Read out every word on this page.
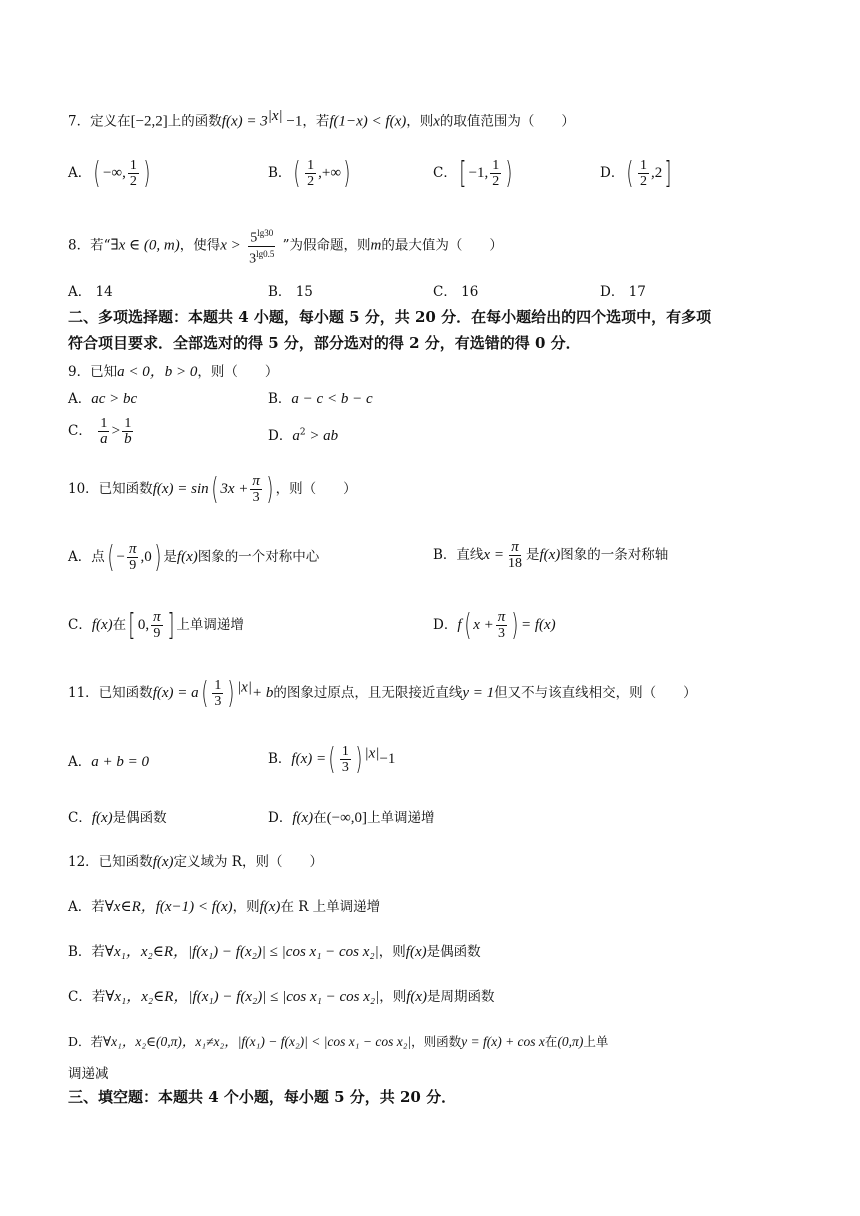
7．定义在[−2,2]上的函数$f(x) = 3^{|x|} -1$，若f(1−x) < f(x)，则x的取值范围为（　　）
A．( −∞, $\frac{1}{2}$ )	B．( $\frac{1}{2}$ ,+∞)	C．[ −1, $\frac{1}{2}$ )	D．( $\frac{1}{2} ,2$]
8．若“∃x ∈ (0, m)，使得$x > \frac{5^{lg30}}{3^{lg0.5}}$ ”为假命题，则m的最大值为（　　）
A． 14	B． 15	C． 16	D． 17
二、多项选择题：本题共 4 小题，每小题 5 分，共 20 分．在每小题给出的四个选项中，有多项
符合项目要求．全部选对的得 5 分，部分选对的得 2 分，有选错的得 0 分．
9．已知a < 0，b > 0，则（　　）
A．ac > bc	B．a − c < b − c
C． $\frac{1}{a} > \frac{1}{b}$	D．$a^2$ > ab
10．已知函数f(x) = sin( $3x + \frac{\pi}{3}$ ) ，则（　　）
A．点( − $\frac{\pi}{9} ,0$) 是f(x)图象的一个对称中心	B．直线$x = \frac{\pi}{18}$ 是f(x)图象的一条对称轴
C．f(x)在[ 0, $\frac{\pi}{9}$ ] 上单调递增	D．f( $x + \frac{\pi}{3}$ ) = f(x)
11．已知函数$f(x) = a( \frac{1}{3}$ ) $^{|x|}$+ b的图象过原点，且无限接近直线y = 1但又不与该直线相交，则（　　）
A．a + b = 0	B．f(x) =( $\frac{1}{3}$ ) $^{|x|}$−1
C．f(x)是偶函数	D．f(x)在(−∞,0]上单调递增
12．已知函数f(x)定义域为 R，则（　　）
A．若∀x∈R，f(x−1) < f(x)，则f(x)在 R 上单调递增
B．若∀x₁，x₂∈R，|f(x₁) − f(x₂)| ≤ |cos x₁ − cos x₂|，则f(x)是偶函数
C．若∀x₁，x₂∈R，|f(x₁) − f(x₂)| ≤ |cos x₁ − cos x₂|，则f(x)是周期函数
D．若∀x₁，x₂∈(0,π)，x₁≠x₂，|f(x₁) − f(x₂)| < |cos x₁ − cos x₂|，则函数y = f(x) + cos x在(0,π)上单
调递减
三、填空题：本题共 4 个小题，每小题 5 分，共 20 分．
